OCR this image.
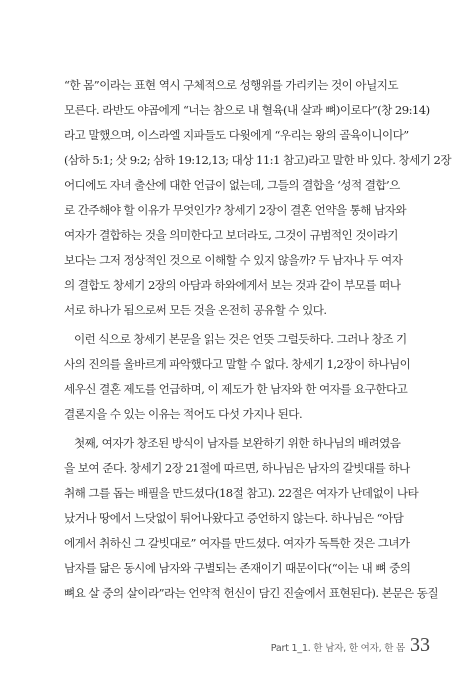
“한 몸”이라는 표현 역시 구체적으로 성행위를 가리키는 것이 아닐지도
모른다. 라반도 야곱에게 “너는 참으로 내 혈육(내 살과 뼈)이로다”(창 29:14)
라고 말했으며, 이스라엘 지파들도 다윗에게 “우리는 왕의 골육이니이다”
(삼하 5:1; 삿 9:2; 삼하 19:12,13; 대상 11:1 참고)라고 말한 바 있다. 창세기 2장
어디에도 자녀 출산에 대한 언급이 없는데, 그들의 결합을 ‘성적 결합’으
로 간주해야 할 이유가 무엇인가? 창세기 2장이 결혼 언약을 통해 남자와
여자가 결합하는 것을 의미한다고 보더라도, 그것이 규범적인 것이라기
보다는 그저 정상적인 것으로 이해할 수 있지 않을까? 두 남자나 두 여자
의 결합도 창세기 2장의 아담과 하와에게서 보는 것과 같이 부모를 떠나
서로 하나가 됨으로써 모든 것을 온전히 공유할 수 있다.
이런 식으로 창세기 본문을 읽는 것은 언뜻 그럴듯하다. 그러나 창조 기
사의 진의를 올바르게 파악했다고 말할 수 없다. 창세기 1,2장이 하나님이
세우신 결혼 제도를 언급하며, 이 제도가 한 남자와 한 여자를 요구한다고
결론지을 수 있는 이유는 적어도 다섯 가지나 된다.
첫째, 여자가 창조된 방식이 남자를 보완하기 위한 하나님의 배려였음
을 보여 준다. 창세기 2장 21절에 따르면, 하나님은 남자의 갈빗대를 하나
취해 그를 돕는 배필을 만드셨다(18절 참고). 22절은 여자가 난데없이 나타
났거나 땅에서 느닷없이 튀어나왔다고 증언하지 않는다. 하나님은 “아담
에게서 취하신 그 갈빗대로” 여자를 만드셨다. 여자가 독특한 것은 그녀가
남자를 닮은 동시에 남자와 구별되는 존재이기 때문이다(“이는 내 뼈 중의
뼈요 살 중의 살이라”라는 언약적 헌신이 담긴 진술에서 표현된다). 본문은 동질
Part 1_1. 한 남자, 한 여자, 한 몸 33
